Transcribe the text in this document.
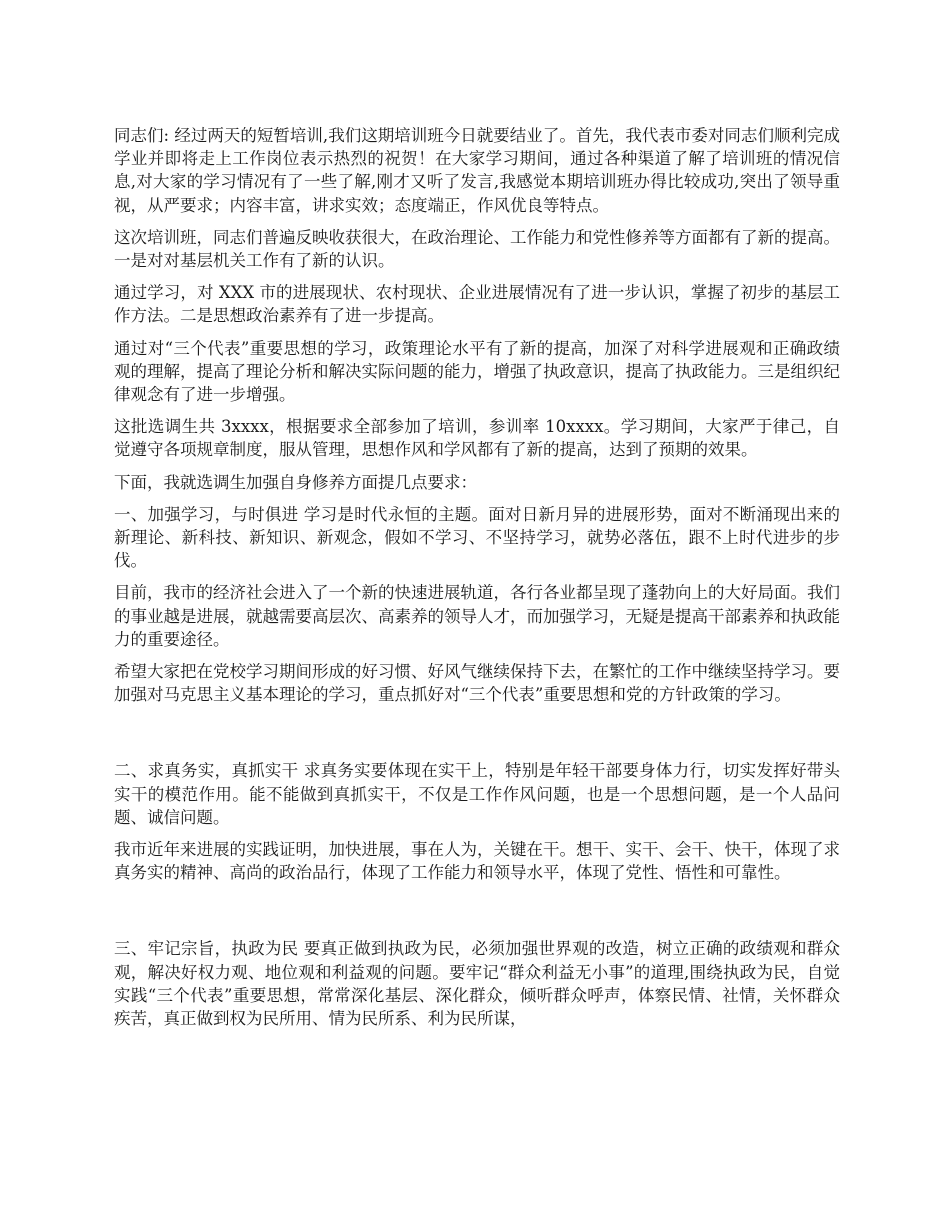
同志们: 经过两天的短暂培训,我们这期培训班今日就要结业了。首先，我代表市委对同志们顺利完成学业并即将走上工作岗位表示热烈的祝贺！在大家学习期间，通过各种渠道了解了培训班的情况信息,对大家的学习情况有了一些了解,刚才又听了发言,我感觉本期培训班办得比较成功,突出了领导重视，从严要求；内容丰富，讲求实效；态度端正，作风优良等特点。

这次培训班，同志们普遍反映收获很大，在政治理论、工作能力和党性修养等方面都有了新的提高。一是对对基层机关工作有了新的认识。

通过学习，对 XXX 市的进展现状、农村现状、企业进展情况有了进一步认识，掌握了初步的基层工作方法。二是思想政治素养有了进一步提高。

通过对“三个代表”重要思想的学习，政策理论水平有了新的提高，加深了对科学进展观和正确政绩观的理解，提高了理论分析和解决实际问题的能力，增强了执政意识，提高了执政能力。三是组织纪律观念有了进一步增强。

这批选调生共 3xxxx，根据要求全部参加了培训，参训率 10xxxx。学习期间，大家严于律己，自觉遵守各项规章制度，服从管理，思想作风和学风都有了新的提高，达到了预期的效果。

下面，我就选调生加强自身修养方面提几点要求：

一、加强学习，与时俱进 学习是时代永恒的主题。面对日新月异的进展形势，面对不断涌现出来的新理论、新科技、新知识、新观念，假如不学习、不坚持学习，就势必落伍，跟不上时代进步的步伐。

目前，我市的经济社会进入了一个新的快速进展轨道，各行各业都呈现了蓬勃向上的大好局面。我们的事业越是进展，就越需要高层次、高素养的领导人才，而加强学习，无疑是提高干部素养和执政能力的重要途径。

希望大家把在党校学习期间形成的好习惯、好风气继续保持下去，在繁忙的工作中继续坚持学习。要加强对马克思主义基本理论的学习，重点抓好对“三个代表”重要思想和党的方针政策的学习。

二、求真务实，真抓实干 求真务实要体现在实干上，特别是年轻干部要身体力行，切实发挥好带头实干的模范作用。能不能做到真抓实干，不仅是工作作风问题，也是一个思想问题，是一个人品问题、诚信问题。

我市近年来进展的实践证明，加快进展，事在人为，关键在干。想干、实干、会干、快干，体现了求真务实的精神、高尚的政治品行，体现了工作能力和领导水平，体现了党性、悟性和可靠性。

三、牢记宗旨，执政为民 要真正做到执政为民，必须加强世界观的改造，树立正确的政绩观和群众观，解决好权力观、地位观和利益观的问题。要牢记“群众利益无小事”的道理,围绕执政为民，自觉实践“三个代表”重要思想，常常深化基层、深化群众，倾听群众呼声，体察民情、社情，关怀群众疾苦，真正做到权为民所用、情为民所系、利为民所谋，
